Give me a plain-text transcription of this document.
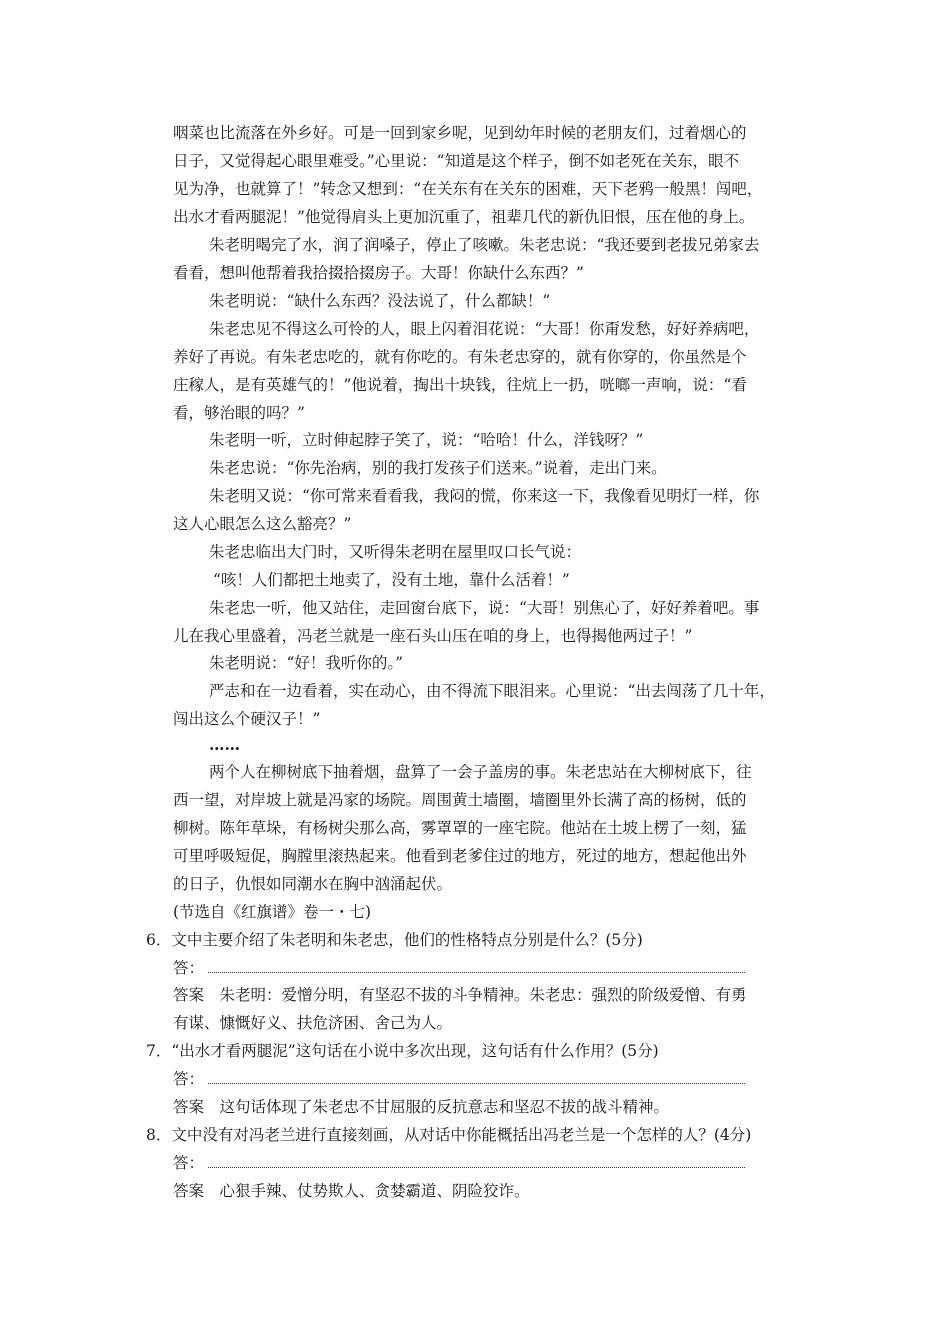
咽菜也比流落在外乡好。可是一回到家乡呢，见到幼年时候的老朋友们，过着烟心的
日子，又觉得起心眼里难受。”心里说：“知道是这个样子，倒不如老死在关东，眼不
见为净，也就算了！”转念又想到：“在关东有在关东的困难，天下老鸦一般黑！闯吧，
出水才看两腿泥！”他觉得肩头上更加沉重了，祖辈几代的新仇旧恨，压在他的身上。
朱老明喝完了水，润了润嗓子，停止了咳嗽。朱老忠说：“我还要到老拔兄弟家去
看看，想叫他帮着我拾掇拾掇房子。大哥！你缺什么东西？”
朱老明说：“缺什么东西？没法说了，什么都缺！”
朱老忠见不得这么可怜的人，眼上闪着泪花说：“大哥！你甭发愁，好好养病吧，
养好了再说。有朱老忠吃的，就有你吃的。有朱老忠穿的，就有你穿的，你虽然是个
庄稼人，是有英雄气的！”他说着，掏出十块钱，往炕上一扔，咣啷一声响，说：“看
看，够治眼的吗？”
朱老明一听，立时伸起脖子笑了，说：“哈哈！什么，洋钱呀？”
朱老忠说：“你先治病，别的我打发孩子们送来。”说着，走出门来。
朱老明又说：“你可常来看看我，我闷的慌，你来这一下，我像看见明灯一样，你
这人心眼怎么这么豁亮？”
朱老忠临出大门时，又听得朱老明在屋里叹口长气说：
“咳！人们都把土地卖了，没有土地，靠什么活着！”
朱老忠一听，他又站住，走回窗台底下，说：“大哥！别焦心了，好好养着吧。事
儿在我心里盛着，冯老兰就是一座石头山压在咱的身上，也得揭他两过子！”
朱老明说：“好！我听你的。”
严志和在一边看着，实在动心，由不得流下眼泪来。心里说：“出去闯荡了几十年，
闯出这么个硬汉子！”
……
两个人在柳树底下抽着烟，盘算了一会子盖房的事。朱老忠站在大柳树底下，往
西一望，对岸坡上就是冯家的场院。周围黄土墙圈，墙圈里外长满了高的杨树，低的
柳树。陈年草垛，有杨树尖那么高，雾罩罩的一座宅院。他站在土坡上楞了一刻，猛
可里呼吸短促，胸膛里滚热起来。他看到老爹住过的地方，死过的地方，想起他出外
的日子，仇恨如同潮水在胸中汹涌起伏。
(节选自《红旗谱》卷一・七)
6．文中主要介绍了朱老明和朱老忠，他们的性格特点分别是什么？(5分)
答：
答案　朱老明：爱憎分明，有坚忍不拔的斗争精神。朱老忠：强烈的阶级爱憎、有勇
有谋、慷慨好义、扶危济困、舍己为人。
7．“出水才看两腿泥”这句话在小说中多次出现，这句话有什么作用？(5分)
答：
答案　这句话体现了朱老忠不甘屈服的反抗意志和坚忍不拔的战斗精神。
8．文中没有对冯老兰进行直接刻画，从对话中你能概括出冯老兰是一个怎样的人？(4分)
答：
答案　心狠手辣、仗势欺人、贪婪霸道、阴险狡诈。
